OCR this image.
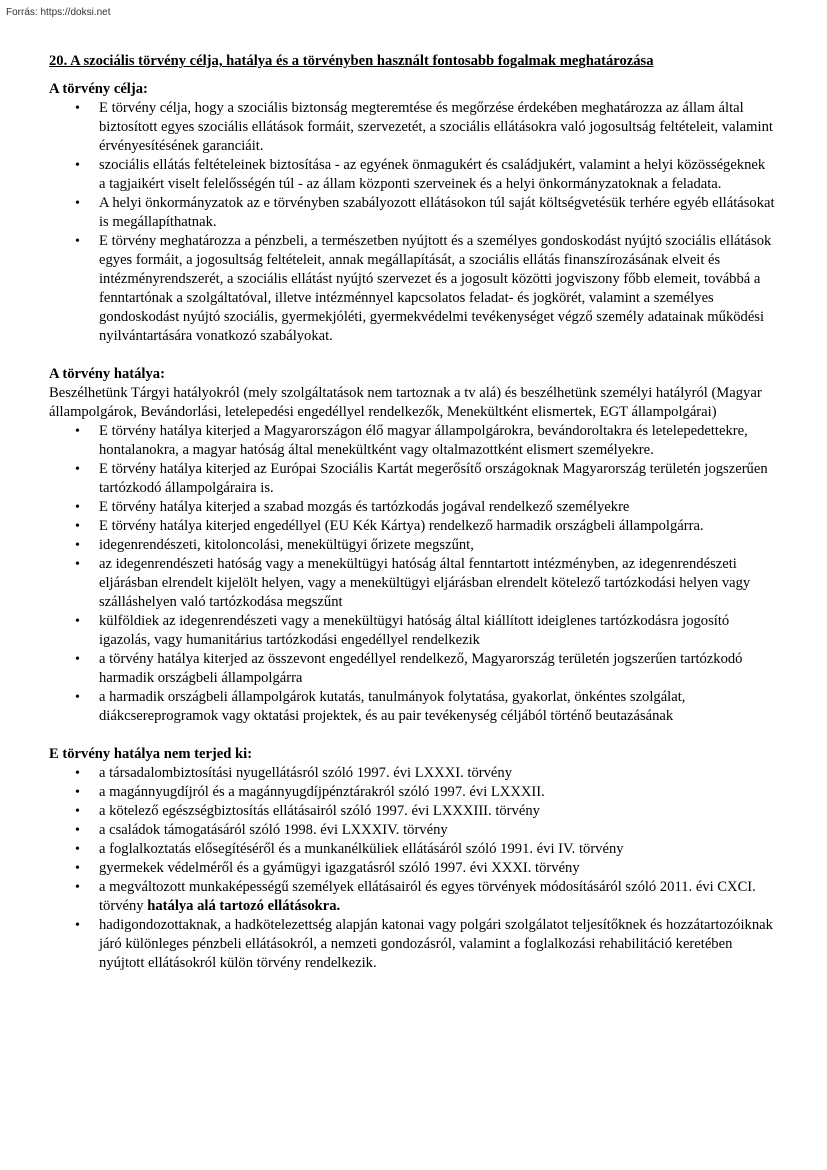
Forrás: https://doksi.net
20. A szociális törvény célja, hatálya és a törvényben használt fontosabb fogalmak meghatározása
A törvény célja:
• E törvény célja, hogy a szociális biztonság megteremtése és megőrzése érdekében meghatározza az állam által biztosított egyes szociális ellátások formáit, szervezetét, a szociális ellátásokra való jogosultság feltételeit, valamint érvényesítésének garanciáit.
• szociális ellátás feltételeinek biztosítása - az egyének önmagukért és családjukért, valamint a helyi közösségeknek a tagjaikért viselt felelősségén túl - az állam központi szerveinek és a helyi önkormányzatoknak a feladata.
• A helyi önkormányzatok az e törvényben szabályozott ellátásokon túl saját költségvetésük terhére egyéb ellátásokat is megállapíthatnak.
• E törvény meghatározza a pénzbeli, a természetben nyújtott és a személyes gondoskodást nyújtó szociális ellátások egyes formáit, a jogosultság feltételeit, annak megállapítását, a szociális ellátás finanszírozásának elveit és intézményrendszerét, a szociális ellátást nyújtó szervezet és a jogosult közötti jogviszony főbb elemeit, továbbá a fenntartónak a szolgáltatóval, illetve intézménnyel kapcsolatos feladat- és jogkörét, valamint a személyes gondoskodást nyújtó szociális, gyermekjóléti, gyermekvédelmi tevékenységet végző személy adatainak működési nyilvántartására vonatkozó szabályokat.
A törvény hatálya:

Beszélhetünk Tárgyi hatályokról (mely szolgáltatások nem tartoznak a tv alá) és beszélhetünk személyi hatályról (Magyar állampolgárok, Bevándorlási, letelepedési engedéllyel rendelkezők, Menekültként elismertek, EGT állampolgárai)

• E törvény hatálya kiterjed a Magyarországon élő magyar állampolgárokra, bevándoroltakra és letelepedettekre, hontalanokra, a magyar hatóság által menekültként vagy oltalmazottként elismert személyekre.
• E törvény hatálya kiterjed az Európai Szociális Kartát megerősítő országoknak Magyarország területén jogszerűen tartózkodó állampolgáraira is.
• E törvény hatálya kiterjed a szabad mozgás és tartózkodás jogával rendelkező személyekre
• E törvény hatálya kiterjed engedéllyel (EU Kék Kártya) rendelkező harmadik országbeli állampolgárra.
• idegenrendészeti, kitoloncolási, menekültügyi őrizete megszűnt,
• az idegenrendészeti hatóság vagy a menekültügyi hatóság által fenntartott intézményben, az idegenrendészeti eljárásban elrendelt kijelölt helyen, vagy a menekültügyi eljárásban elrendelt kötelező tartózkodási helyen vagy szálláshelyen való tartózkodása megszűnt
• külföldiek az idegenrendészeti vagy a menekültügyi hatóság által kiállított ideiglenes tartózkodásra jogosító igazolás, vagy humanitárius tartózkodási engedéllyel rendelkezik
• a törvény hatálya kiterjed az összevont engedéllyel rendelkező, Magyarország területén jogszerűen tartózkodó harmadik országbeli állampolgárra
• a harmadik országbeli állampolgárok kutatás, tanulmányok folytatása, gyakorlat, önkéntes szolgálat, diákcsereprogramok vagy oktatási projektek, és au pair tevékenység céljából történő beutazásának
E törvény hatálya nem terjed ki:
• a társadalombiztosítási nyugellátásról szóló 1997. évi LXXXI. törvény
• a magánnyugdíjról és a magánnyugdíjpénztárakról szóló 1997. évi LXXXII.
• a kötelező egészségbiztosítás ellátásairól szóló 1997. évi LXXXIII. törvény
• a családok támogatásáról szóló 1998. évi LXXXIV. törvény
• a foglalkoztatás elősegítéséről és a munkanélküliek ellátásáról szóló 1991. évi IV. törvény
• gyermekek védelméről és a gyámügyi igazgatásról szóló 1997. évi XXXI. törvény
• a megváltozott munkaképességű személyek ellátásairól és egyes törvények módosításáról szóló 2011. évi CXCI. törvény hatálya alá tartozó ellátásokra.
• hadigondozottaknak, a hadkötelezettség alapján katonai vagy polgári szolgálatot teljesítőknek és hozzátartozóiknak járó különleges pénzbeli ellátásokról, a nemzeti gondozásról, valamint a foglalkozási rehabilitáció keretében nyújtott ellátásokról külön törvény rendelkezik.
